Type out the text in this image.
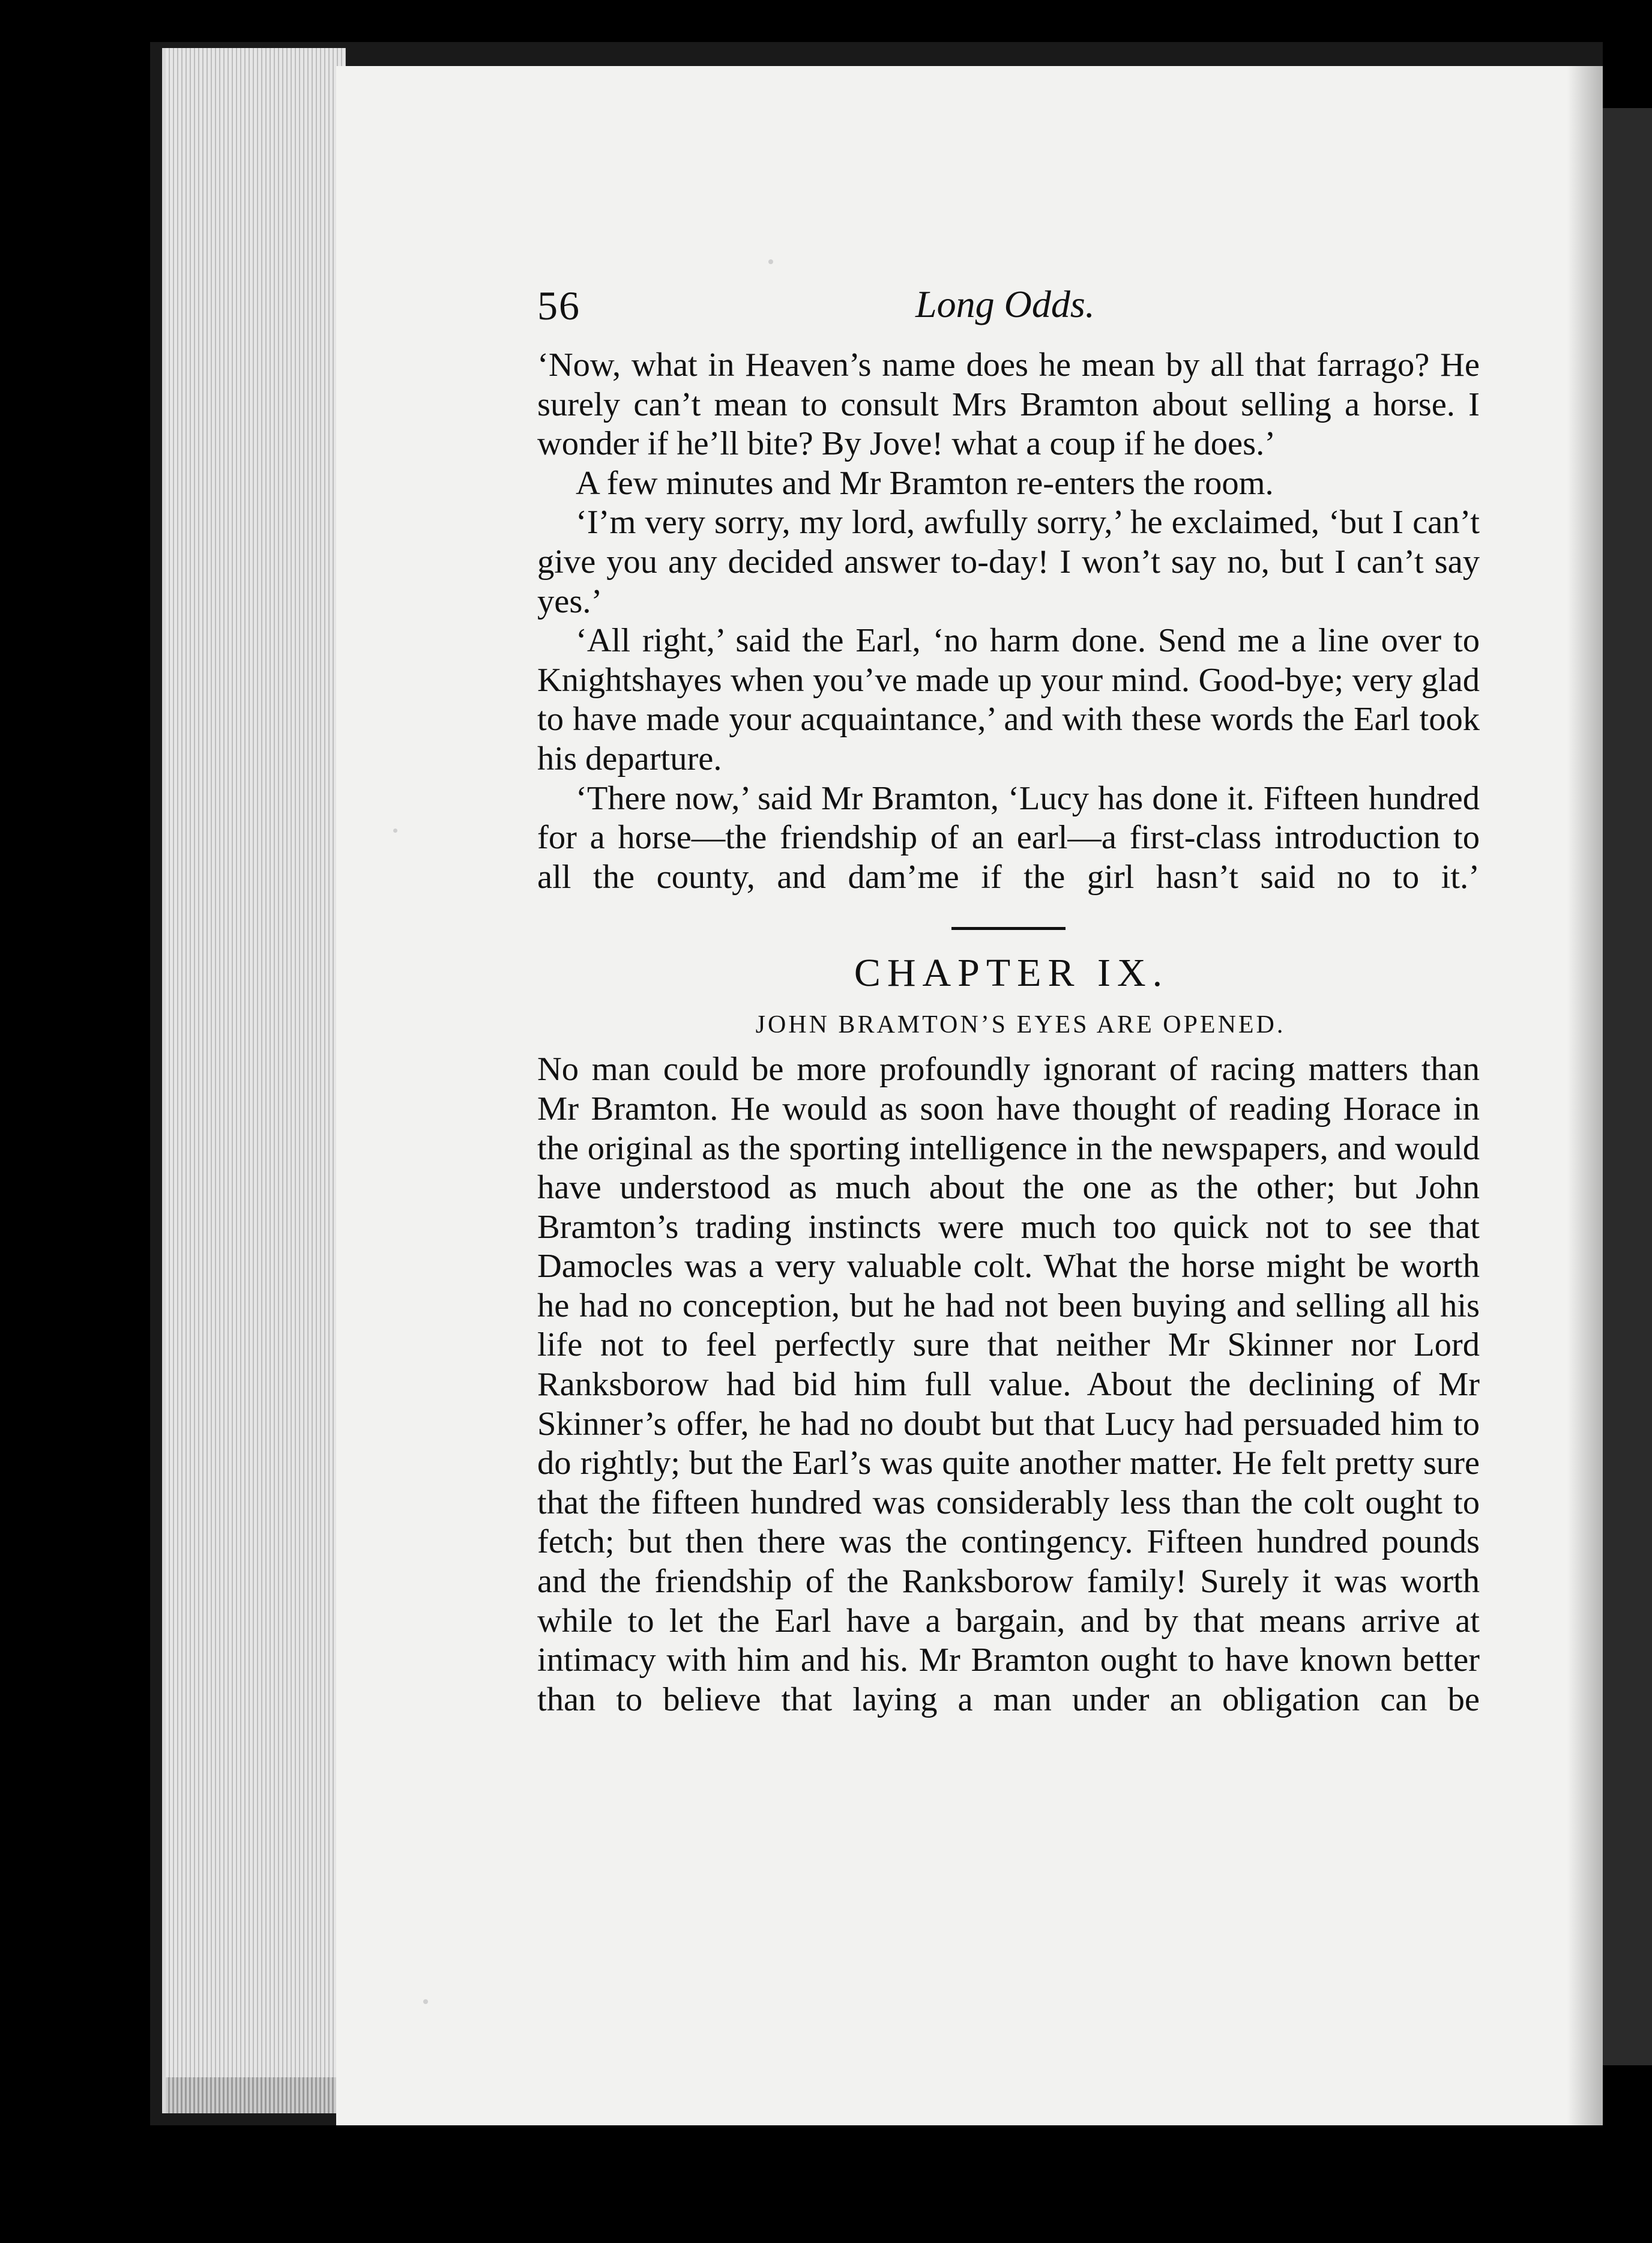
56	Long Odds.

‘Now, what in Heaven’s name does he mean by all that farrago? He surely can’t mean to consult Mrs Bramton about selling a horse. I wonder if he’ll bite? By Jove! what a coup if he does.’

A few minutes and Mr Bramton re-enters the room.

‘I’m very sorry, my lord, awfully sorry,’ he exclaimed, ‘but I can’t give you any decided answer to-day! I won’t say no, but I can’t say yes.’

‘All right,’ said the Earl, ‘no harm done. Send me a line over to Knightshayes when you’ve made up your mind. Good-bye; very glad to have made your acquaintance,’ and with these words the Earl took his departure.

‘There now,’ said Mr Bramton, ‘Lucy has done it. Fifteen hundred for a horse—the friendship of an earl—a first-class introduction to all the county, and dam’me if the girl hasn’t said no to it.’

CHAPTER IX.
JOHN BRAMTON’S EYES ARE OPENED.

No man could be more profoundly ignorant of racing matters than Mr Bramton. He would as soon have thought of reading Horace in the original as the sporting intelligence in the newspapers, and would have understood as much about the one as the other; but John Bramton’s trading instincts were much too quick not to see that Damocles was a very valuable colt. What the horse might be worth he had no conception, but he had not been buying and selling all his life not to feel perfectly sure that neither Mr Skinner nor Lord Ranksborow had bid him full value. About the declining of Mr Skinner’s offer, he had no doubt but that Lucy had persuaded him to do rightly; but the Earl’s was quite another matter. He felt pretty sure that the fifteen hundred was considerably less than the colt ought to fetch; but then there was the contingency. Fifteen hundred pounds and the friendship of the Ranksborow family! Surely it was worth while to let the Earl have a bargain, and by that means arrive at intimacy with him and his. Mr Bramton ought to have known better than to believe that laying a man under an obligation can be
